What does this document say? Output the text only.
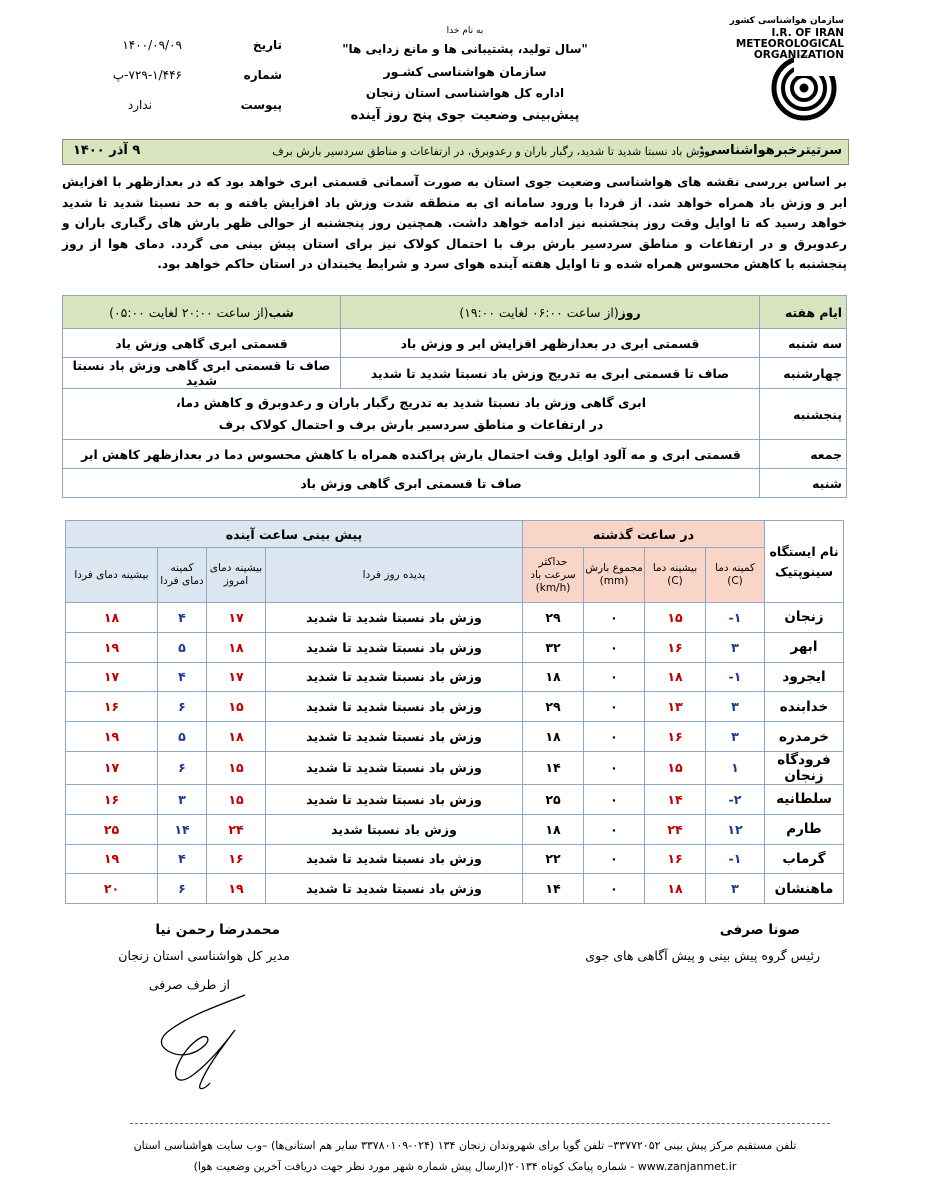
سازمان هواشناسی کشور
I.R. OF IRAN
METEOROLOGICAL
ORGANIZATION
به نام خدا
"سال تولید، پشتیبانی ها و مانع زدایی ها"
سازمان هواشناسی کشـور
اداره کل هواشناسی استان زنجان
پیش‌بینی وضعیت جوی پنج روز آینده
تاریخ
۱۴۰۰/۰۹/۰۹
شماره
۷۲۹-۱/۴۴۶-پ
پیوست
ندارد
سرتیترخبرهواشناسی:
وزش باد نسبتا شدید تا شدید، رگبار باران و رعدوبرق، در ارتفاعات و مناطق سردسیر بارش برف
۹ آذر ۱۴۰۰
بر اساس بررسی نقشه های هواشناسی وضعیت جوی استان به صورت آسمانی قسمتی ابری خواهد بود که در بعدازظهر با افزایش ابر و وزش باد همراه خواهد شد. از فردا با ورود سامانه ای به منطقه شدت وزش باد افزایش یافته و به حد نسبتا شدید تا شدید خواهد رسید که تا اوایل وقت روز پنجشنبه نیز ادامه خواهد داشت. همچنین روز پنجشنبه از حوالی ظهر بارش های رگباری باران و رعدوبرق و در ارتفاعات و مناطق سردسیر بارش برف با احتمال کولاک نیز برای استان پیش بینی می گردد. دمای هوا از روز پنجشنبه با کاهش محسوس همراه شده و تا اوایل هفته آینده هوای سرد و شرایط یخبندان در استان حاکم خواهد بود.
ایام هفته	روز(از ساعت ۰۶:۰۰ لغایت ۱۹:۰۰)	شب(از ساعت ۲۰:۰۰ لغایت ۰۵:۰۰)
سه شنبه	قسمتی ابری در بعدازظهر افزایش ابر و وزش باد	قسمتی ابری گاهی وزش باد
چهارشنبه	صاف تا قسمتی ابری به تدریج وزش باد نسبتا شدید تا شدید	صاف تا قسمتی ابری گاهی وزش باد نسبتا شدید
پنجشنبه	ابری گاهی وزش باد نسبتا شدید به تدریج رگبار باران و رعدوبرق و کاهش دما،
در ارتفاعات و مناطق سردسیر بارش برف و احتمال کولاک برف	

جمعه	قسمتی ابری و مه آلود اوایل وقت احتمال بارش پراکنده همراه با کاهش محسوس دما در بعدازظهر کاهش ابر	
شنبه	صاف تا قسمتی ابری گاهی وزش باد	
نام ایستگاه سینوپتیک	در ساعت گذشته				پیش بینی ساعت آینده			
	کمینه دما (C)	بیشینه دما (C)	مجموع بارش (mm)	حداکثر سرعت باد (km/h)	پدیده روز فردا	بیشینه دمای امروز	کمینه دمای فردا	بیشینه دمای فردا
زنجان	۱-	۱۵	۰	۲۹	وزش باد نسبتا شدید تا شدید	۱۷	۴	۱۸
ابهر	۳	۱۶	۰	۳۲	وزش باد نسبتا شدید تا شدید	۱۸	۵	۱۹
ایجرود	۱-	۱۸	۰	۱۸	وزش باد نسبتا شدید تا شدید	۱۷	۴	۱۷
خدابنده	۳	۱۳	۰	۲۹	وزش باد نسبتا شدید تا شدید	۱۵	۶	۱۶
خرمدره	۳	۱۶	۰	۱۸	وزش باد نسبتا شدید تا شدید	۱۸	۵	۱۹
فرودگاه زنجان	۱	۱۵	۰	۱۴	وزش باد نسبتا شدید تا شدید	۱۵	۶	۱۷
سلطانیه	۲-	۱۴	۰	۲۵	وزش باد نسبتا شدید تا شدید	۱۵	۳	۱۶
طارم	۱۲	۲۴	۰	۱۸	وزش باد نسبتا شدید	۲۴	۱۴	۲۵
گرماب	۱-	۱۶	۰	۲۲	وزش باد نسبتا شدید تا شدید	۱۶	۴	۱۹
ماهنشان	۳	۱۸	۰	۱۴	وزش باد نسبتا شدید تا شدید	۱۹	۶	۲۰
صونا صرفی
رئیس گروه پیش بینی و پیش آگاهی های جوی
محمدرضا رحمن نیا
مدیر کل هواشناسی استان زنجان
از طرف صرفی
تلفن مستقیم مرکز پیش بینی ۳۳۷۷۲۰۵۲– تلفن گویا برای شهروندان زنجان ۱۳۴ (۰۲۴-۳۳۷۸۰۱۰۹ سایر هم استانی‌ها) –وب سایت هواشناسی استان
www.zanjanmet.ir - شماره پیامک کوتاه ۲۰۱۳۴(ارسال پیش شماره شهر مورد نظر جهت دریافت آخرین وضعیت هوا)
